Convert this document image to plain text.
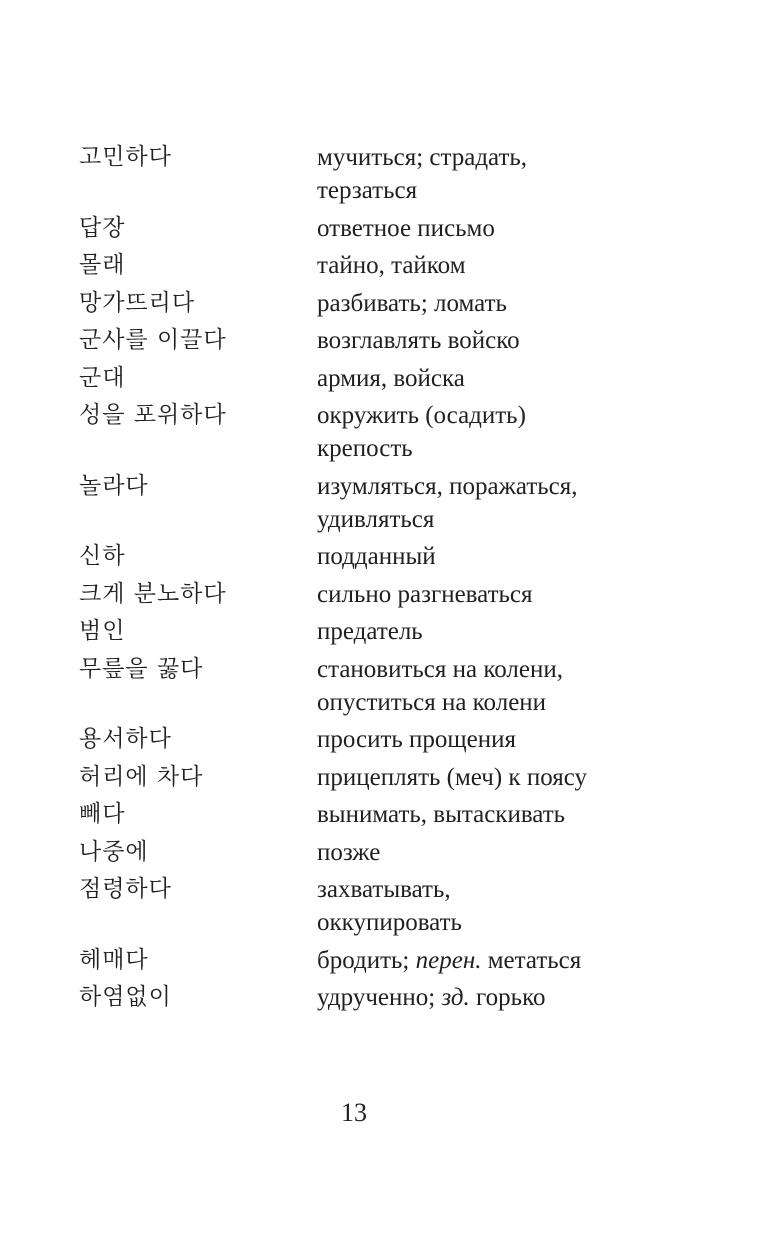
고민하다	мучиться; страдать,
терзаться
답장	ответное письмо
몰래	тайно, тайком
망가뜨리다	разбивать; ломать
군사를 이끌다	возглавлять войско
군대	армия, войска
성을 포위하다	окружить (осадить)
крепость
놀라다	изумляться, поражаться,
удивляться
신하	подданный
크게 분노하다	сильно разгневаться
범인	предатель
무릎을 꿇다	становиться на колени,
опуститься на колени
용서하다	просить прощения
허리에 차다	прицеплять (меч) к поясу
빼다	вынимать, вытаскивать
나중에	позже
점령하다	захватывать,
оккупировать
헤매다	бродить; перен. метаться
하염없이	удрученно; зд. горько
13
